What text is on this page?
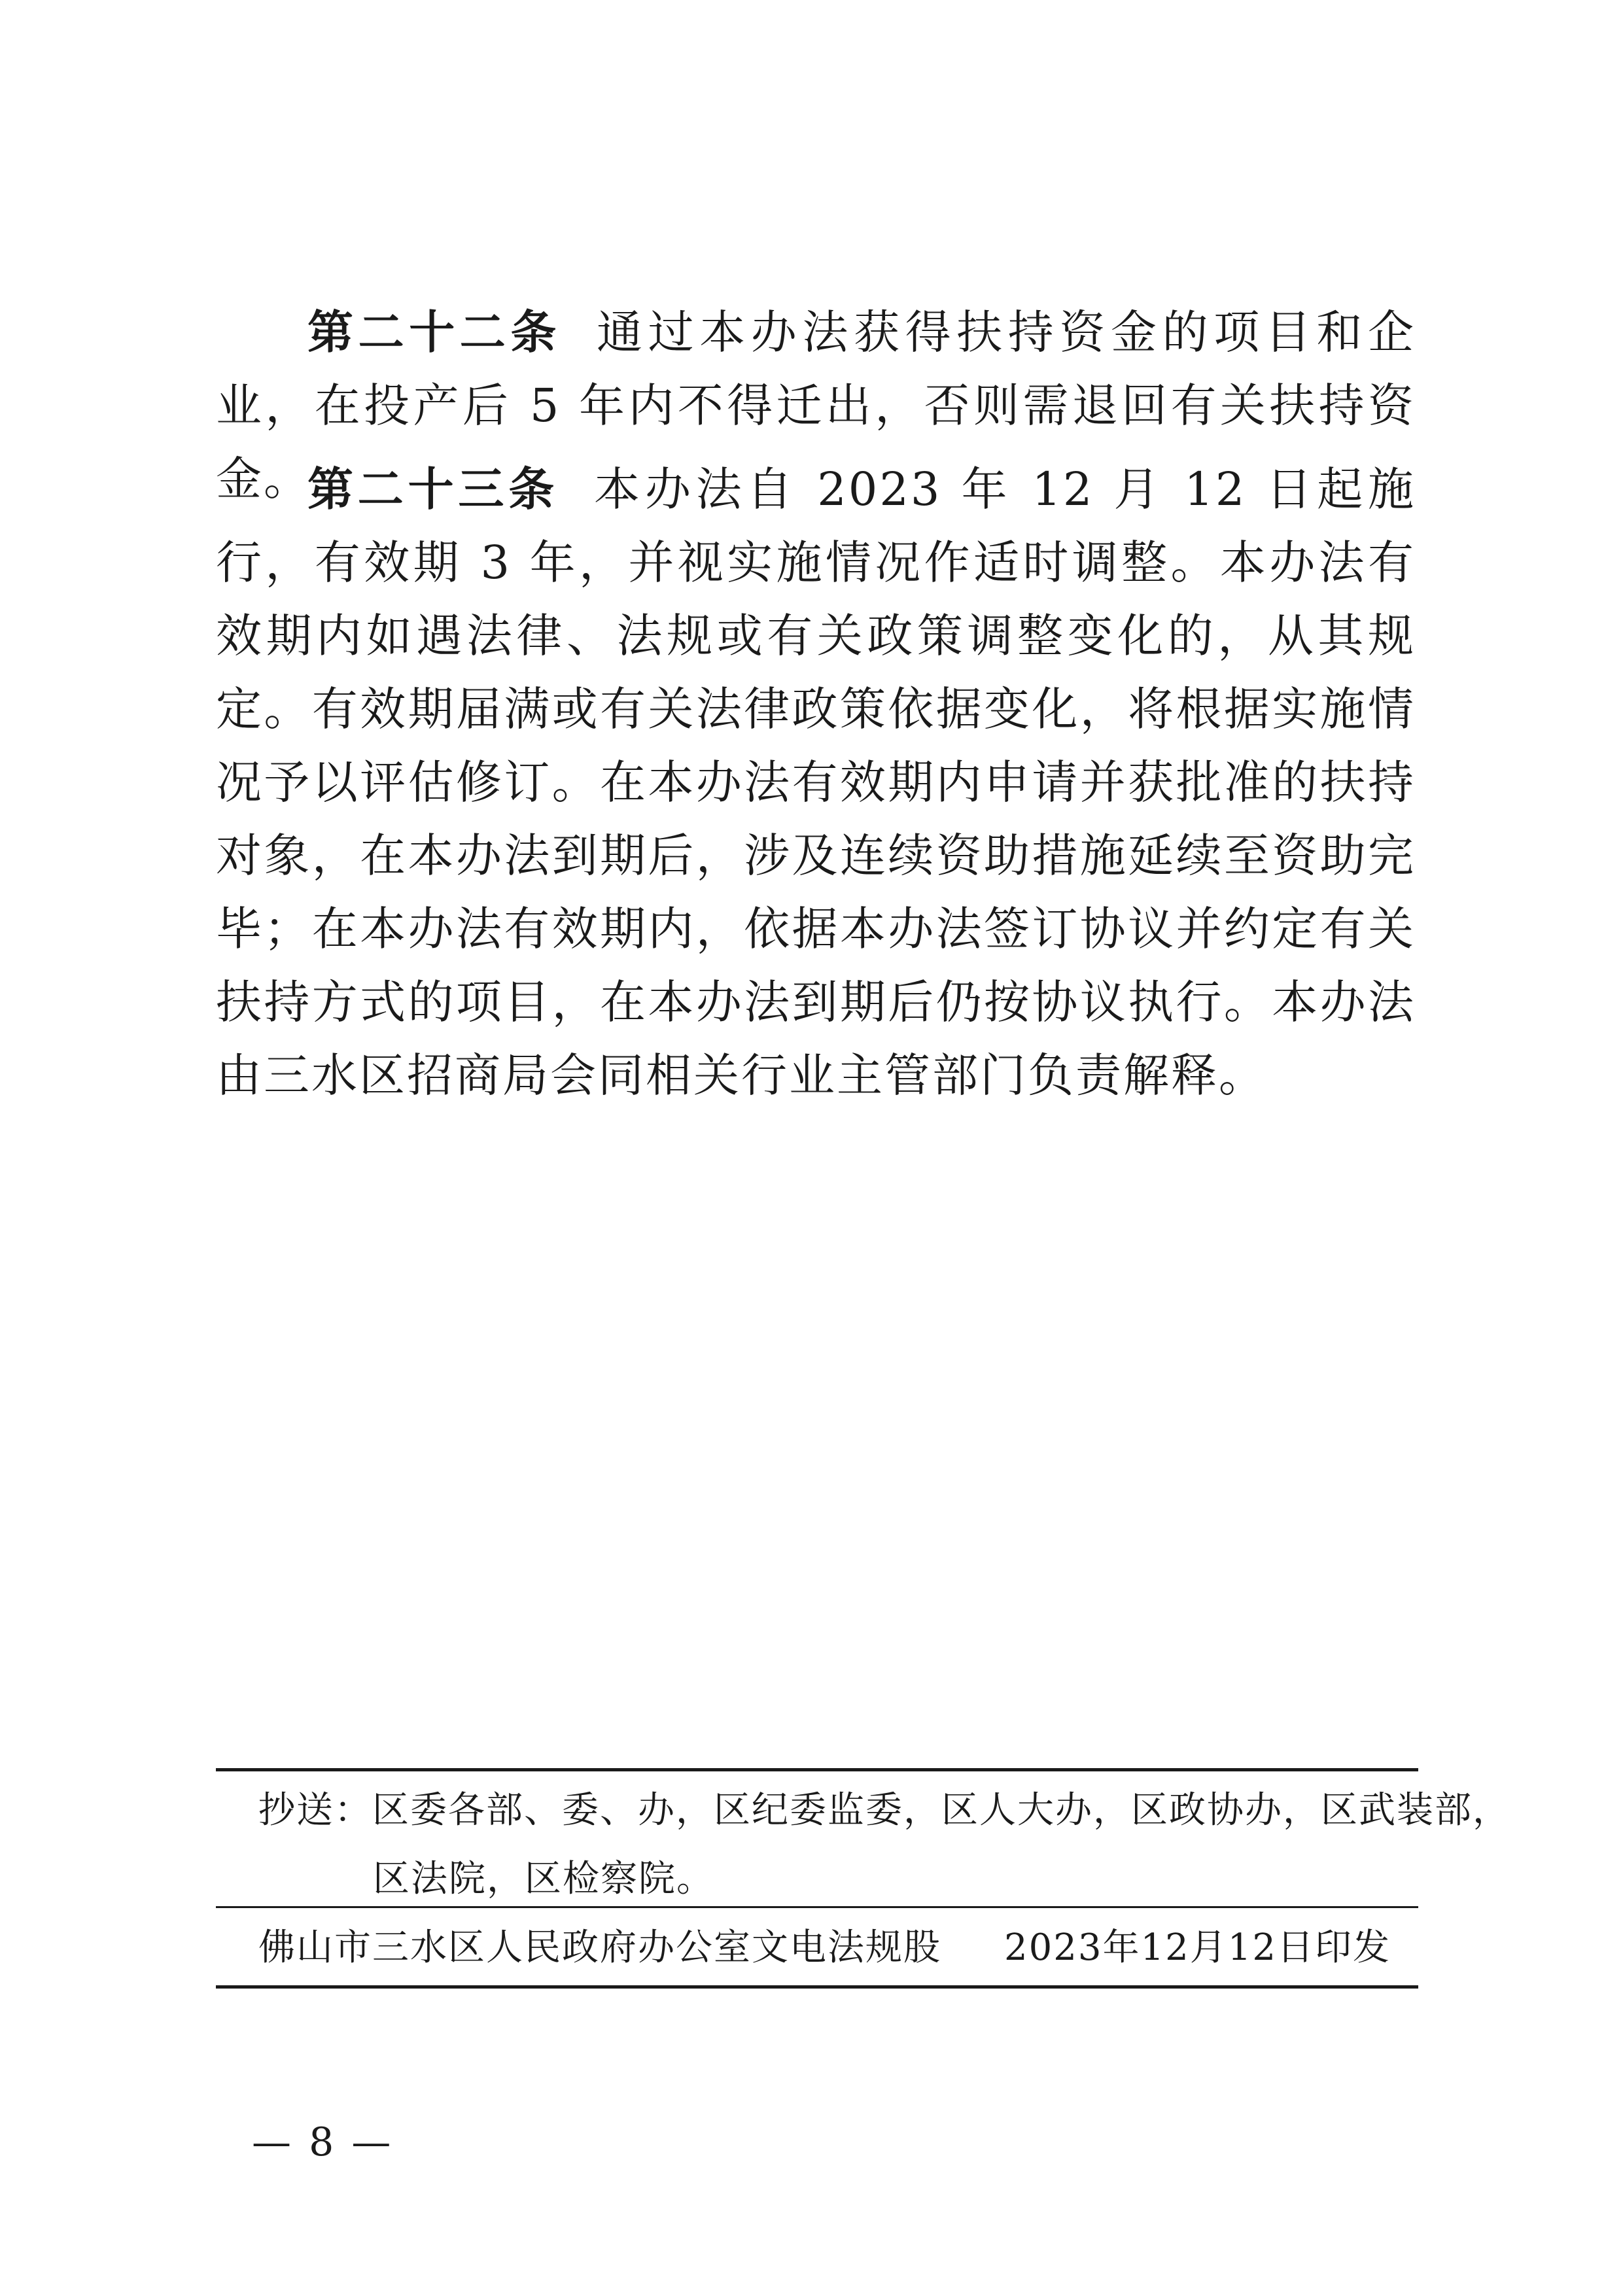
第二十二条 通过本办法获得扶持资金的项目和企业，在投产后 5 年内不得迁出，否则需退回有关扶持资金。

第二十三条 本办法自 2023 年 12 月 12 日起施行，有效期 3 年，并视实施情况作适时调整。本办法有效期内如遇法律、法规或有关政策调整变化的，从其规定。有效期届满或有关法律政策依据变化，将根据实施情况予以评估修订。在本办法有效期内申请并获批准的扶持对象，在本办法到期后，涉及连续资助措施延续至资助完毕；在本办法有效期内，依据本办法签订协议并约定有关扶持方式的项目，在本办法到期后仍按协议执行。本办法由三水区招商局会同相关行业主管部门负责解释。

抄送：区委各部、委、办，区纪委监委，区人大办，区政协办，区武装部，
区法院，区检察院。
佛山市三水区人民政府办公室文电法规股 2023年12月12日印发
— 8 —
